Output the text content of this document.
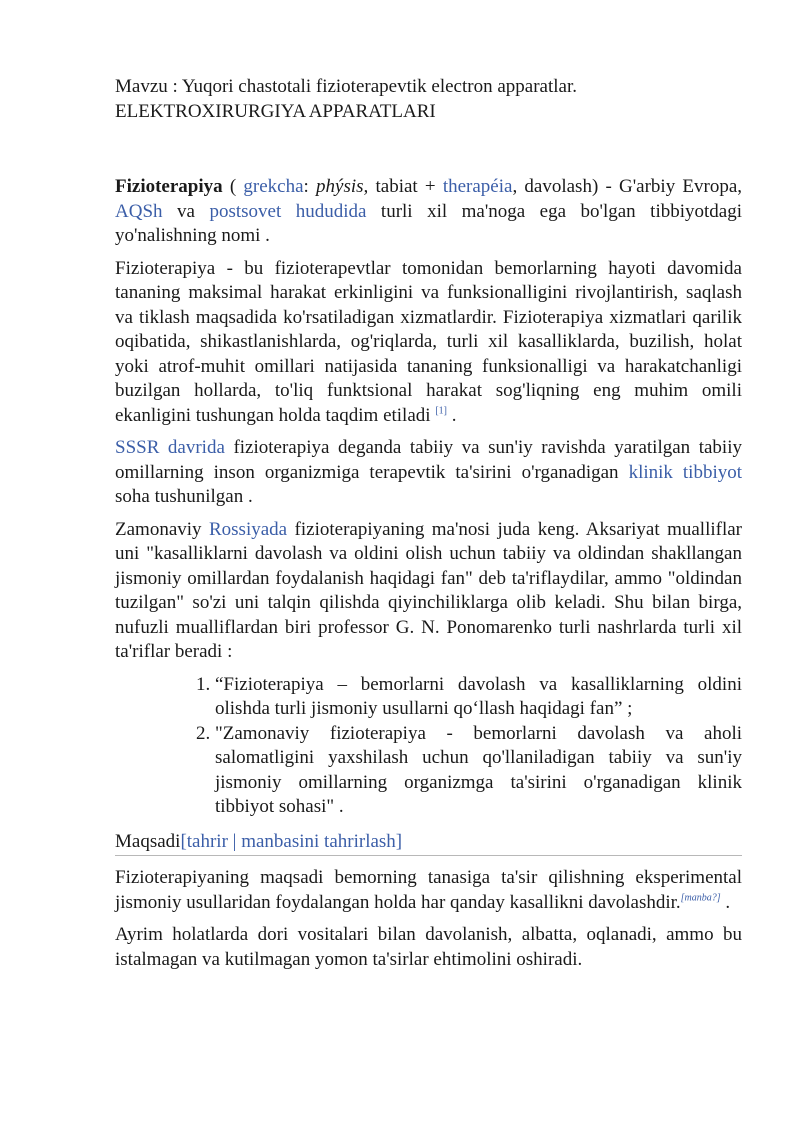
Mavzu : Yuqori chastotali fizioterapevtik electron apparatlar.
ELEKTROXIRURGIYA APPARATLARI

Fizioterapiya ( grekcha: phýsis, tabiat + therapéia, davolash) - G'arbiy Evropa, AQSh va postsovet hududida turli xil ma'noga ega bo'lgan tibbiyotdagi yo'nalishning nomi .

Fizioterapiya - bu fizioterapevtlar tomonidan bemorlarning hayoti davomida tananing maksimal harakat erkinligini va funksionalligini rivojlantirish, saqlash va tiklash maqsadida ko'rsatiladigan xizmatlardir. Fizioterapiya xizmatlari qarilik oqibatida, shikastlanishlarda, og'riqlarda, turli xil kasalliklarda, buzilish, holat yoki atrof-muhit omillari natijasida tananing funksionalligi va harakatchanligi buzilgan hollarda, to'liq funktsional harakat sog'liqning eng muhim omili ekanligini tushungan holda taqdim etiladi [1] .

SSSR davrida fizioterapiya deganda tabiiy va sun'iy ravishda yaratilgan tabiiy omillarning inson organizmiga terapevtik ta'sirini o'rganadigan klinik tibbiyot soha tushunilgan .

Zamonaviy Rossiyada fizioterapiyaning ma'nosi juda keng. Aksariyat mualliflar uni "kasalliklarni davolash va oldini olish uchun tabiiy va oldindan shakllangan jismoniy omillardan foydalanish haqidagi fan" deb ta'riflaydilar, ammo "oldindan tuzilgan" so'zi uni talqin qilishda qiyinchiliklarga olib keladi. Shu bilan birga, nufuzli mualliflardan biri professor G. N. Ponomarenko turli nashrlarda turli xil ta'riflar beradi :

1. “Fizioterapiya – bemorlarni davolash va kasalliklarning oldini olishda turli jismoniy usullarni qo‘llash haqidagi fan” ;
2. "Zamonaviy fizioterapiya - bemorlarni davolash va aholi salomatligini yaxshilash uchun qo'llaniladigan tabiiy va sun'iy jismoniy omillarning organizmga ta'sirini o'rganadigan klinik tibbiyot sohasi" .
Maqsadi[tahrir | manbasini tahrirlash]

Fizioterapiyaning maqsadi bemorning tanasiga ta'sir qilishning eksperimental jismoniy usullaridan foydalangan holda har qanday kasallikni davolashdir.[manba?] .

Ayrim holatlarda dori vositalari bilan davolanish, albatta, oqlanadi, ammo bu istalmagan va kutilmagan yomon ta'sirlar ehtimolini oshiradi.
